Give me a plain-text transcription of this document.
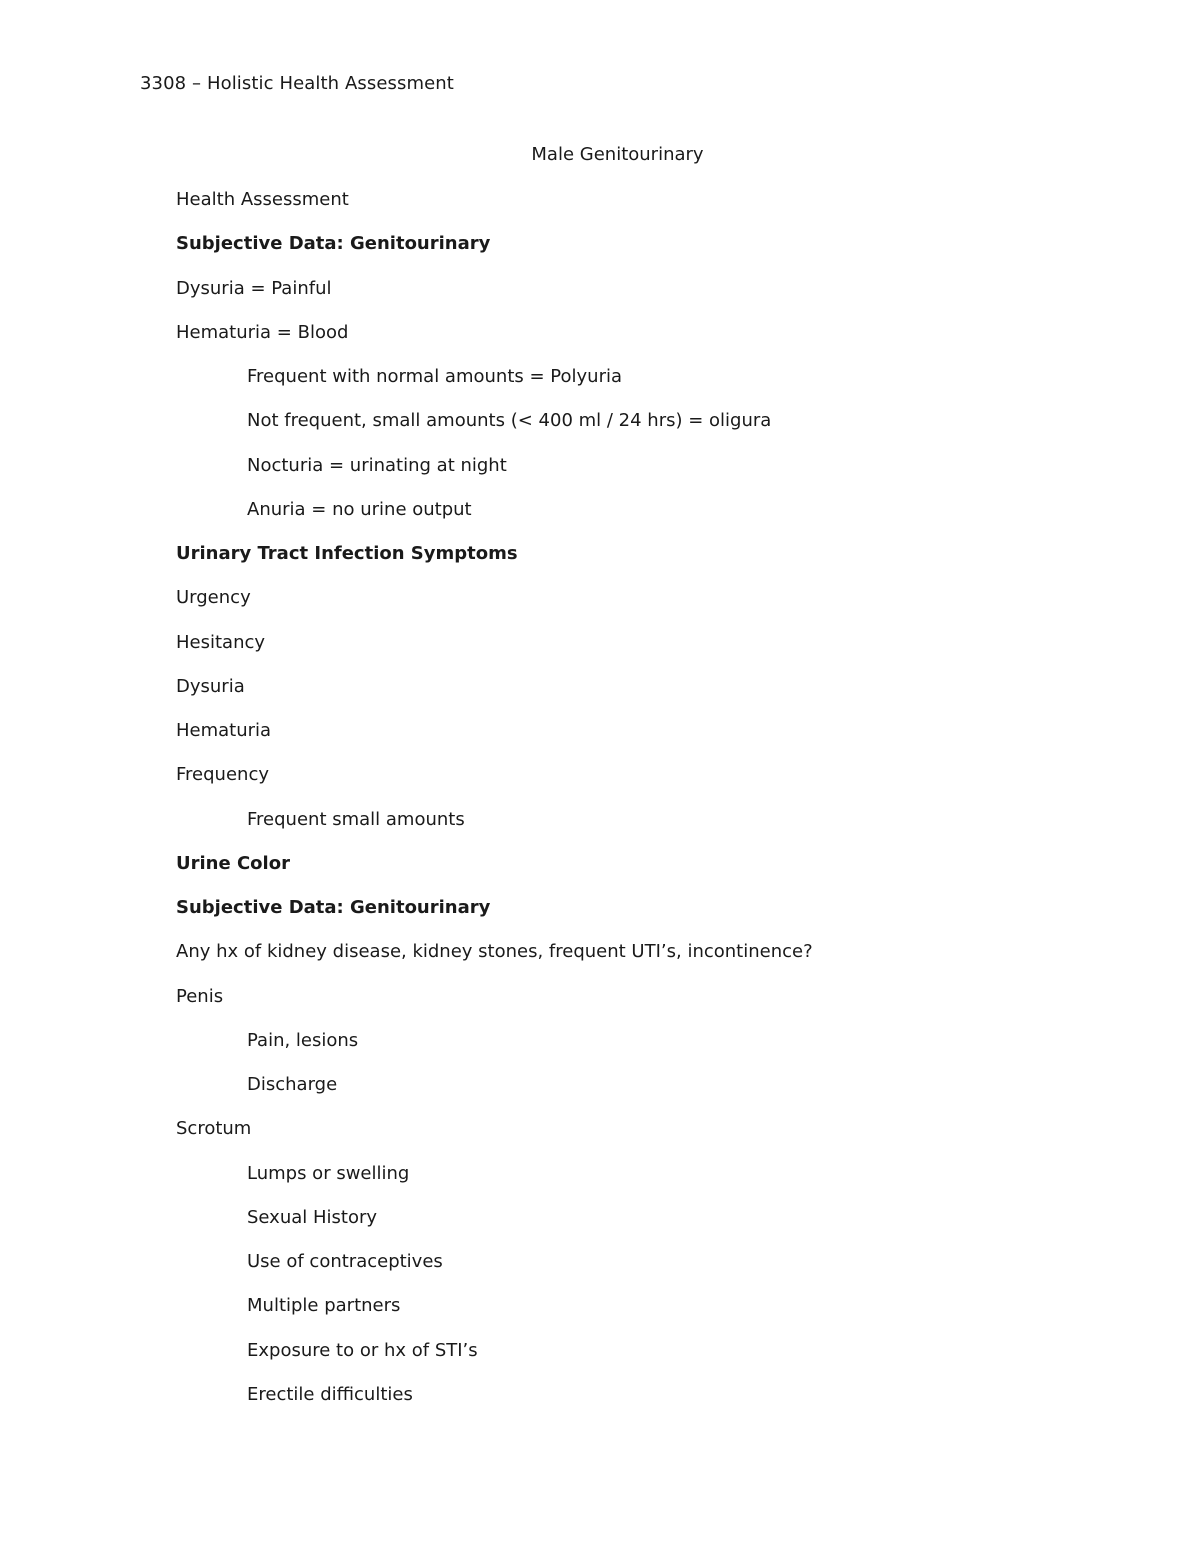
3308 – Holistic Health Assessment
Male Genitourinary
Health Assessment
Subjective Data: Genitourinary
Dysuria = Painful
Hematuria = Blood
Frequent with normal amounts = Polyuria
Not frequent, small amounts (< 400 ml / 24 hrs) = oligura
Nocturia = urinating at night
Anuria = no urine output
Urinary Tract Infection Symptoms
Urgency
Hesitancy
Dysuria
Hematuria
Frequency
Frequent small amounts
Urine Color
Subjective Data: Genitourinary
Any hx of kidney disease, kidney stones, frequent UTI’s, incontinence?
Penis
Pain, lesions
Discharge
Scrotum
Lumps or swelling
Sexual History
Use of contraceptives
Multiple partners
Exposure to or hx of STI’s
Erectile difficulties
